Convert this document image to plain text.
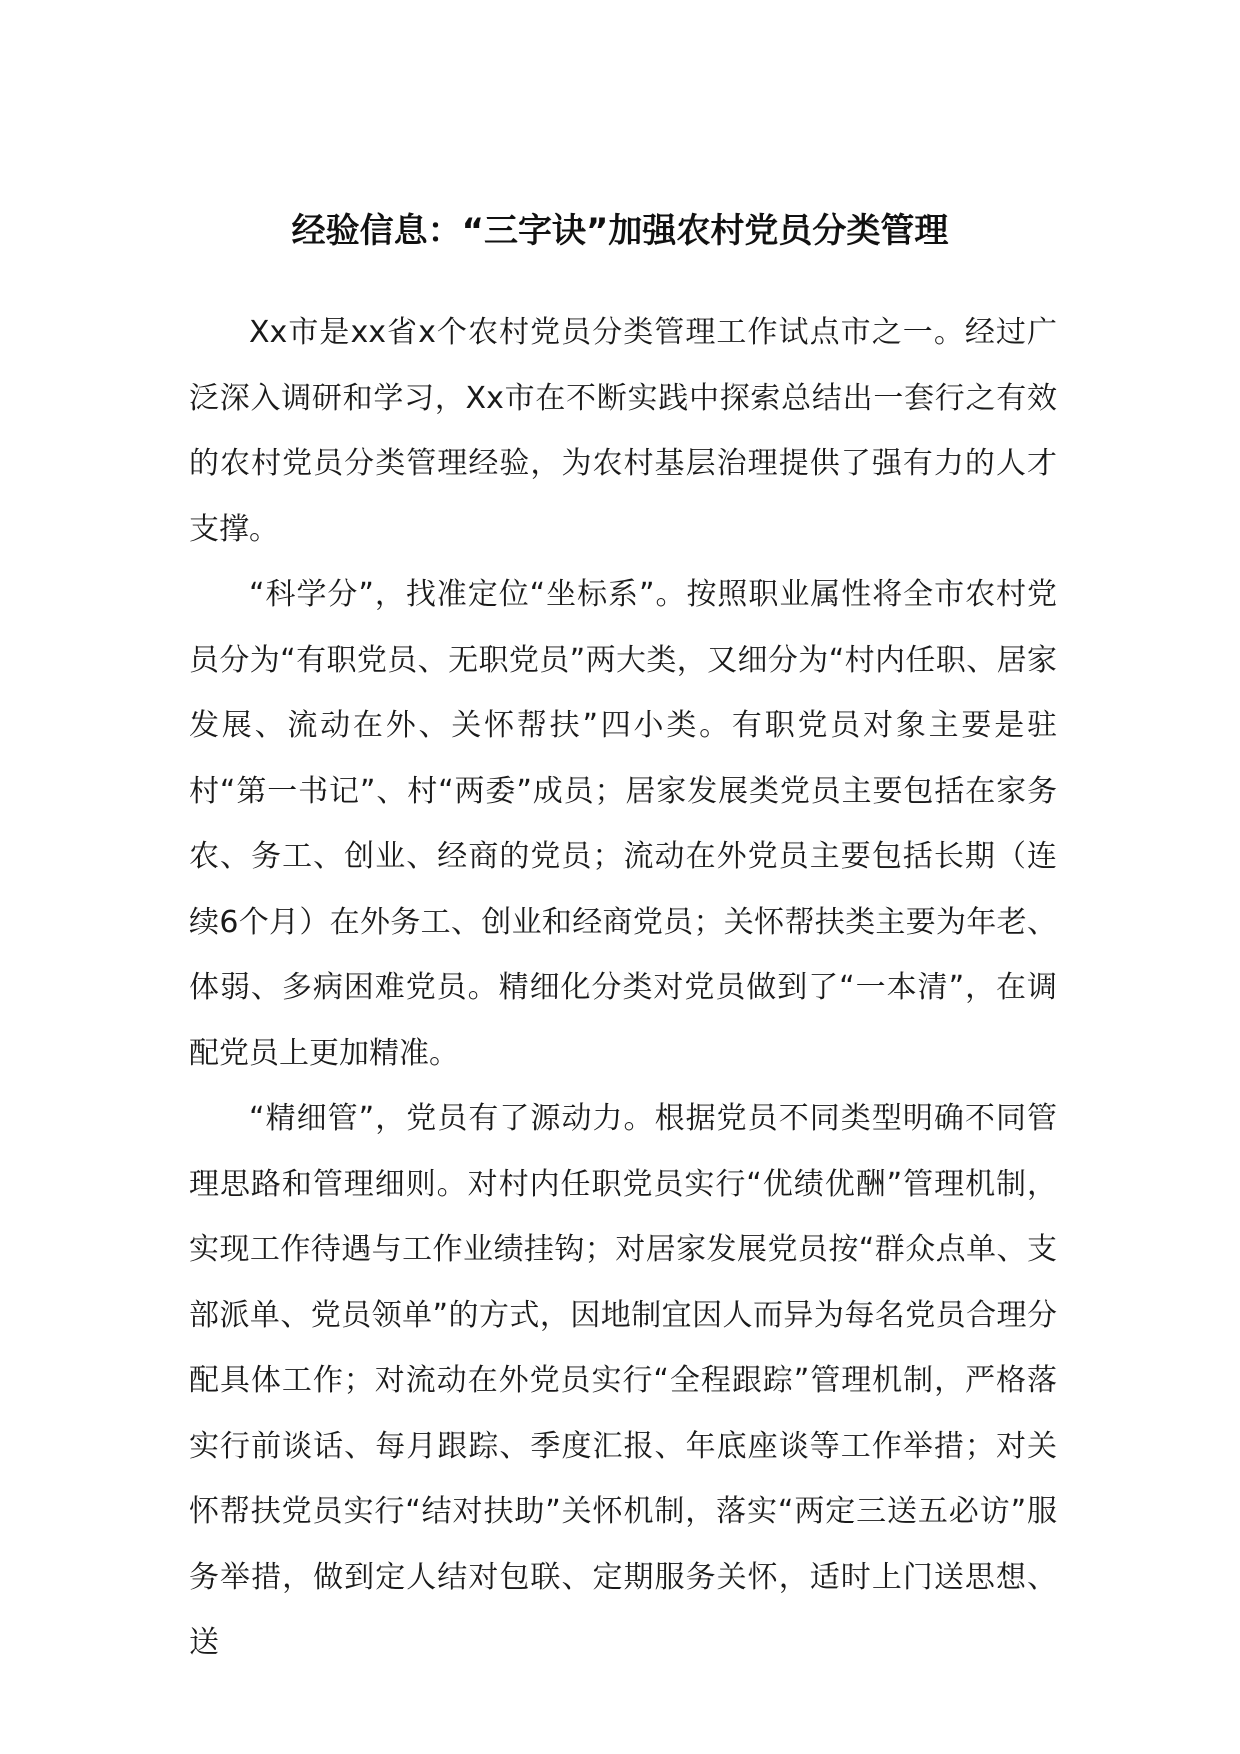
经验信息：“三字诀”加强农村党员分类管理

Xx市是xx省x个农村党员分类管理工作试点市之一。经过广泛深入调研和学习，Xx市在不断实践中探索总结出一套行之有效的农村党员分类管理经验，为农村基层治理提供了强有力的人才支撑。

“科学分”，找准定位“坐标系”。按照职业属性将全市农村党员分为“有职党员、无职党员”两大类，又细分为“村内任职、居家发展、流动在外、关怀帮扶”四小类。有职党员对象主要是驻村“第一书记”、村“两委”成员；居家发展类党员主要包括在家务农、务工、创业、经商的党员；流动在外党员主要包括长期（连续6个月）在外务工、创业和经商党员；关怀帮扶类主要为年老、体弱、多病困难党员。精细化分类对党员做到了“一本清”，在调配党员上更加精准。

“精细管”，党员有了源动力。根据党员不同类型明确不同管理思路和管理细则。对村内任职党员实行“优绩优酬”管理机制，实现工作待遇与工作业绩挂钩；对居家发展党员按“群众点单、支部派单、党员领单”的方式，因地制宜因人而异为每名党员合理分配具体工作；对流动在外党员实行“全程跟踪”管理机制，严格落实行前谈话、每月跟踪、季度汇报、年底座谈等工作举措；对关怀帮扶党员实行“结对扶助”关怀机制，落实“两定三送五必访”服务举措，做到定人结对包联、定期服务关怀，适时上门送思想、送
